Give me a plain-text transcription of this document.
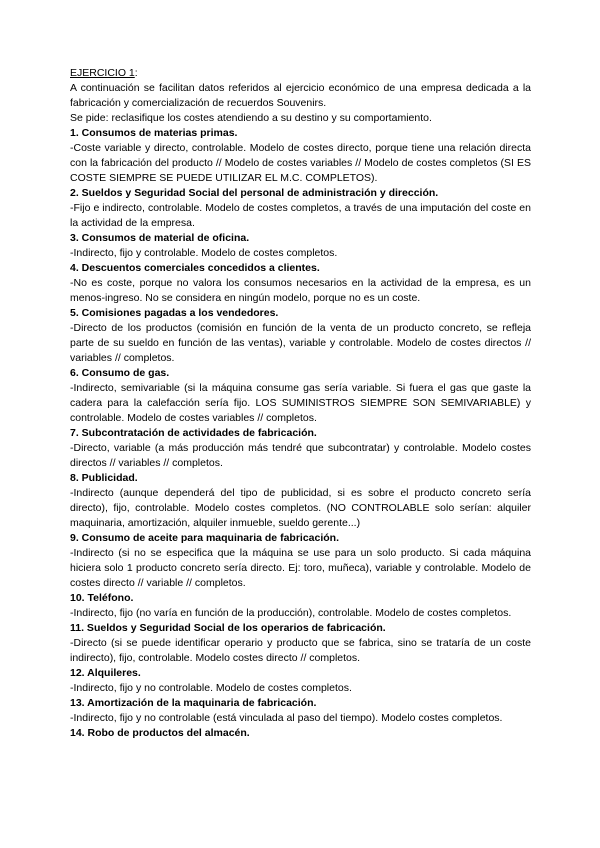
EJERCICIO 1:

A continuación se facilitan datos referidos al ejercicio económico de una empresa dedicada a la fabricación y comercialización de recuerdos Souvenirs.

Se pide: reclasifique los costes atendiendo a su destino y su comportamiento.

1. Consumos de materias primas.

-Coste variable y directo, controlable. Modelo de costes directo, porque tiene una relación directa con la fabricación del producto // Modelo de costes variables // Modelo de costes completos (SI ES COSTE SIEMPRE SE PUEDE UTILIZAR EL M.C. COMPLETOS).

2. Sueldos y Seguridad Social del personal de administración y dirección.

-Fijo e indirecto, controlable. Modelo de costes completos, a través de una imputación del coste en la actividad de la empresa.

3. Consumos de material de oficina.

-Indirecto, fijo y controlable. Modelo de costes completos.

4. Descuentos comerciales concedidos a clientes.

-No es coste, porque no valora los consumos necesarios en la actividad de la empresa, es un menos-ingreso. No se considera en ningún modelo, porque no es un coste.

5. Comisiones pagadas a los vendedores.

-Directo de los productos (comisión en función de la venta de un producto concreto, se refleja parte de su sueldo en función de las ventas), variable y controlable. Modelo de costes directos // variables // completos.

6. Consumo de gas.

-Indirecto, semivariable (si la máquina consume gas sería variable. Si fuera el gas que gaste la cadera para la calefacción sería fijo. LOS SUMINISTROS SIEMPRE SON SEMIVARIABLE) y controlable. Modelo de costes variables // completos.

7. Subcontratación de actividades de fabricación.

-Directo, variable (a más producción más tendré que subcontratar) y controlable. Modelo costes directos // variables // completos.

8. Publicidad.

-Indirecto (aunque dependerá del tipo de publicidad, si es sobre el producto concreto sería directo), fijo, controlable. Modelo costes completos. (NO CONTROLABLE solo serían: alquiler maquinaria, amortización, alquiler inmueble, sueldo gerente...)

9. Consumo de aceite para maquinaria de fabricación.

-Indirecto (si no se especifica que la máquina se use para un solo producto. Si cada máquina hiciera solo 1 producto concreto sería directo. Ej: toro, muñeca), variable y controlable. Modelo de costes directo // variable // completos.

10. Teléfono.

-Indirecto, fijo (no varía en función de la producción), controlable. Modelo de costes completos.

11. Sueldos y Seguridad Social de los operarios de fabricación.

-Directo (si se puede identificar operario y producto que se fabrica, sino se trataría de un coste indirecto), fijo, controlable. Modelo costes directo // completos.

12. Alquileres.

-Indirecto, fijo y no controlable. Modelo de costes completos.

13. Amortización de la maquinaria de fabricación.

-Indirecto, fijo y no controlable (está vinculada al paso del tiempo). Modelo costes completos.

14. Robo de productos del almacén.
